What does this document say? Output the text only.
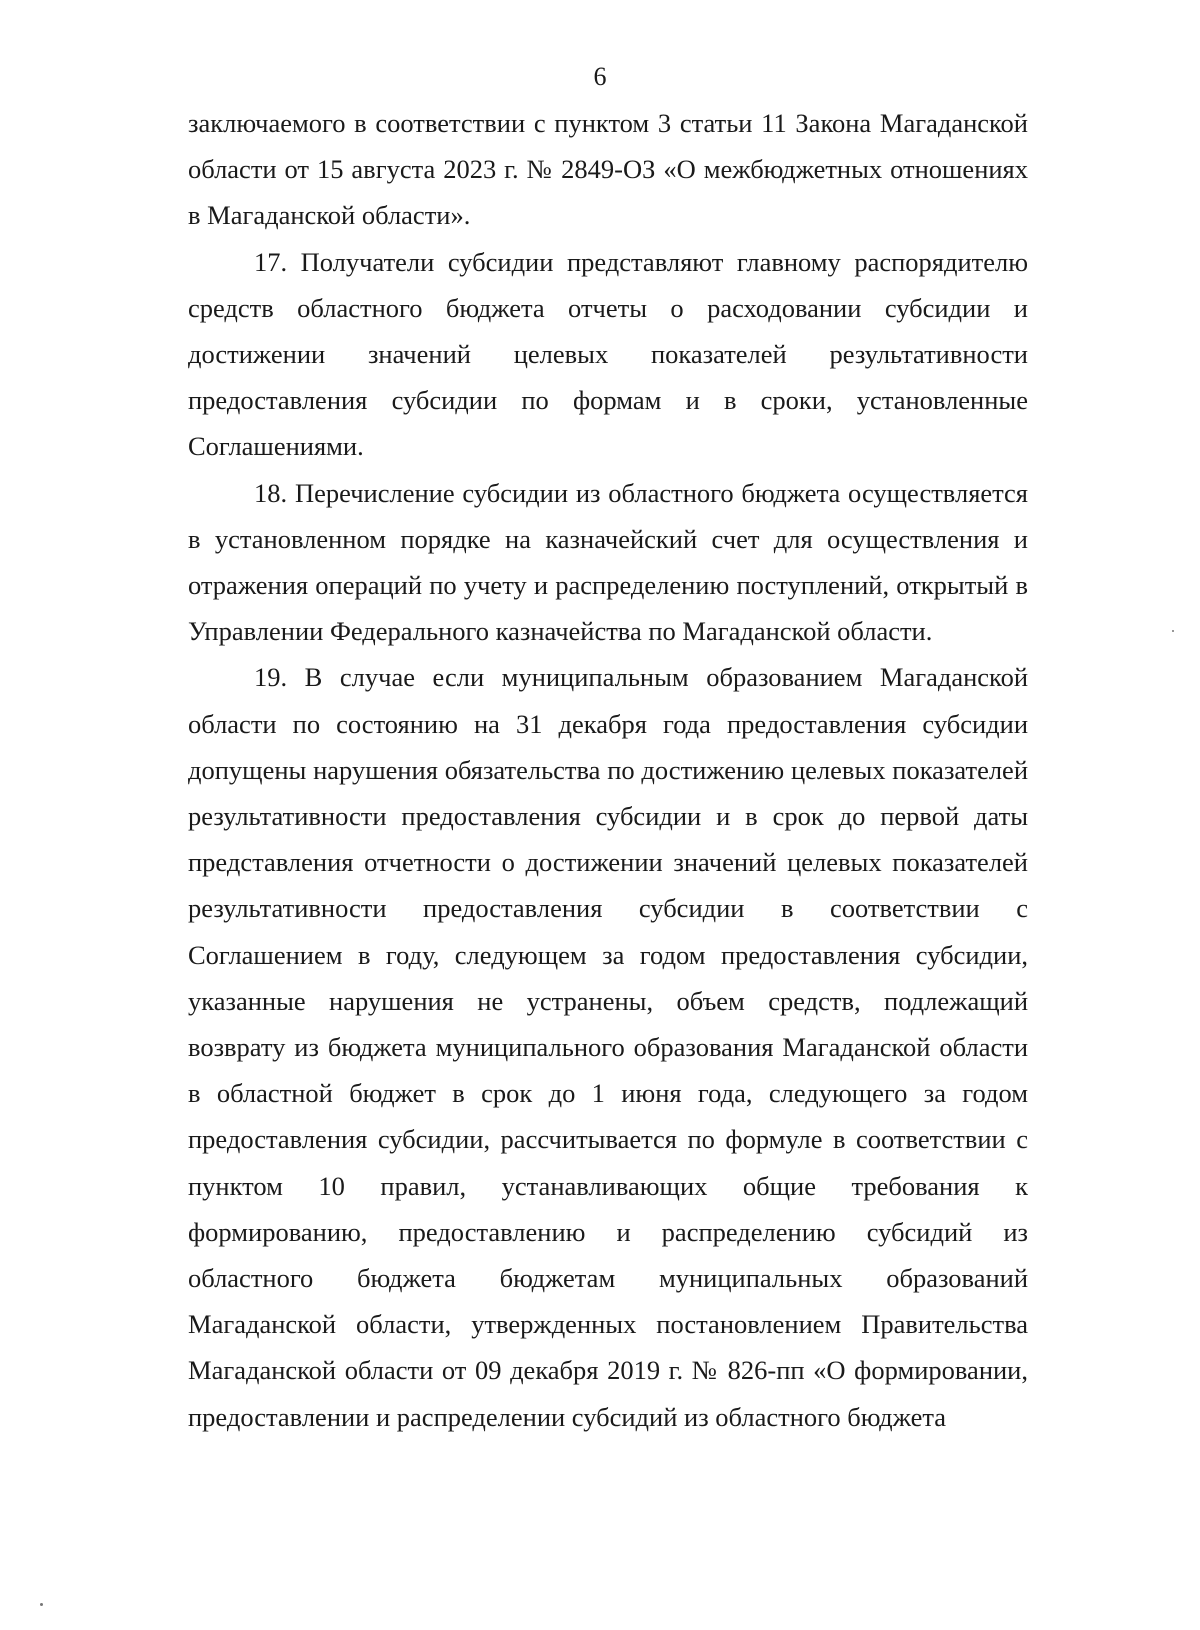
6

заключаемого в соответствии с пунктом 3 статьи 11 Закона Магаданской области от 15 августа 2023 г. № 2849-ОЗ «О межбюджетных отношениях в Магаданской области».

17. Получатели субсидии представляют главному распорядителю средств областного бюджета отчеты о расходовании субсидии и достижении значений целевых показателей результативности предоставления субсидии по формам и в сроки, установленные Соглашениями.

18. Перечисление субсидии из областного бюджета осуществляется в установленном порядке на казначейский счет для осуществления и отражения операций по учету и распределению поступлений, открытый в Управлении Федерального казначейства по Магаданской области.

19. В случае если муниципальным образованием Магаданской области по состоянию на 31 декабря года предоставления субсидии допущены нарушения обязательства по достижению целевых показателей результативности предоставления субсидии и в срок до первой даты представления отчетности о достижении значений целевых показателей результативности предоставления субсидии в соответствии с Соглашением в году, следующем за годом предоставления субсидии, указанные нарушения не устранены, объем средств, подлежащий возврату из бюджета муниципального образования Магаданской области в областной бюджет в срок до 1 июня года, следующего за годом предоставления субсидии, рассчитывается по формуле в соответствии с пунктом 10 правил, устанавливающих общие требования к формированию, предоставлению и распределению субсидий из областного бюджета бюджетам муниципальных образований Магаданской области, утвержденных постановлением Правительства Магаданской области от 09 декабря 2019 г. № 826-пп «О формировании, предоставлении и распределении субсидий из областного бюджета
